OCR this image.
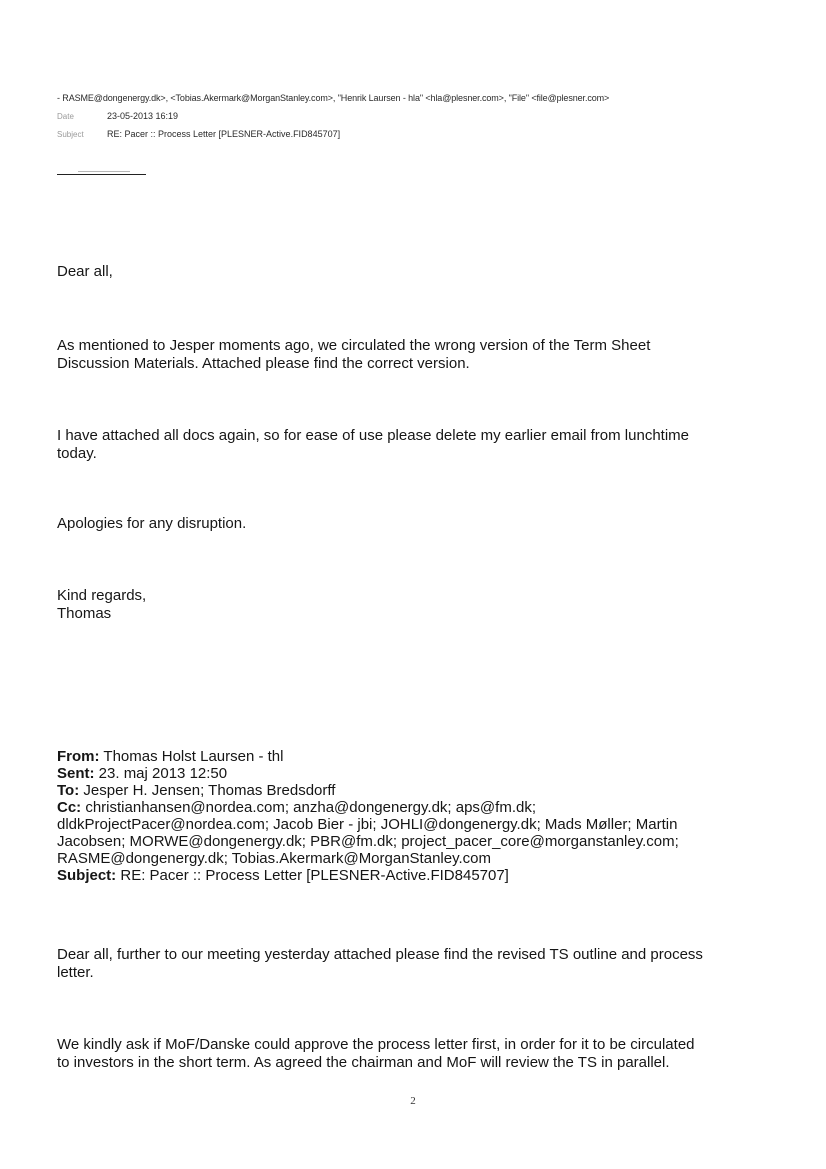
- RASME@dongenergy.dk>, <Tobias.Akermark@MorganStanley.com>, "Henrik Laursen - hla" <hla@plesner.com>, "File" <file@plesner.com>
Date	23-05-2013 16:19
Subject	RE: Pacer :: Process Letter [PLESNER-Active.FID845707]
Dear all,
As mentioned to Jesper moments ago, we circulated the wrong version of the Term Sheet
Discussion Materials. Attached please find the correct version.
I have attached all docs again, so for ease of use please delete my earlier email from lunchtime
today.
Apologies for any disruption.
Kind regards,
Thomas
From: Thomas Holst Laursen - thl
Sent: 23. maj 2013 12:50
To: Jesper H. Jensen; Thomas Bredsdorff
Cc: christianhansen@nordea.com; anzha@dongenergy.dk; aps@fm.dk;
dldkProjectPacer@nordea.com; Jacob Bier - jbi; JOHLI@dongenergy.dk; Mads Møller; Martin
Jacobsen; MORWE@dongenergy.dk; PBR@fm.dk; project_pacer_core@morganstanley.com;
RASME@dongenergy.dk; Tobias.Akermark@MorganStanley.com
Subject: RE: Pacer :: Process Letter [PLESNER-Active.FID845707]
Dear all, further to our meeting yesterday attached please find the revised TS outline and process
letter.
We kindly ask if MoF/Danske could approve the process letter first, in order for it to be circulated
to investors in the short term. As agreed the chairman and MoF will review the TS in parallel.
2
